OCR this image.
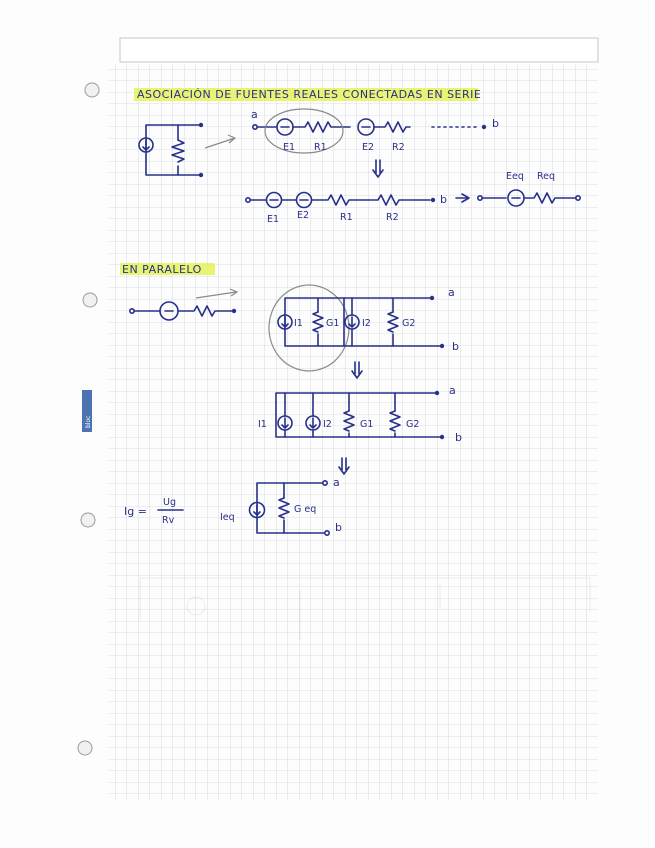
bloc
ASOCIACIÓN DE FUENTES REALES CONECTADAS EN SERIE
a
b
E1 R1	E2 R2
E1 E2	R1	R2
b
Eeq Req
EN PARALELO
I1 G1 I2	G2
a
b
I1	I2	G1	G2
a
b
Ieq
G eq
a
b
Ig =
Ug
Rv
